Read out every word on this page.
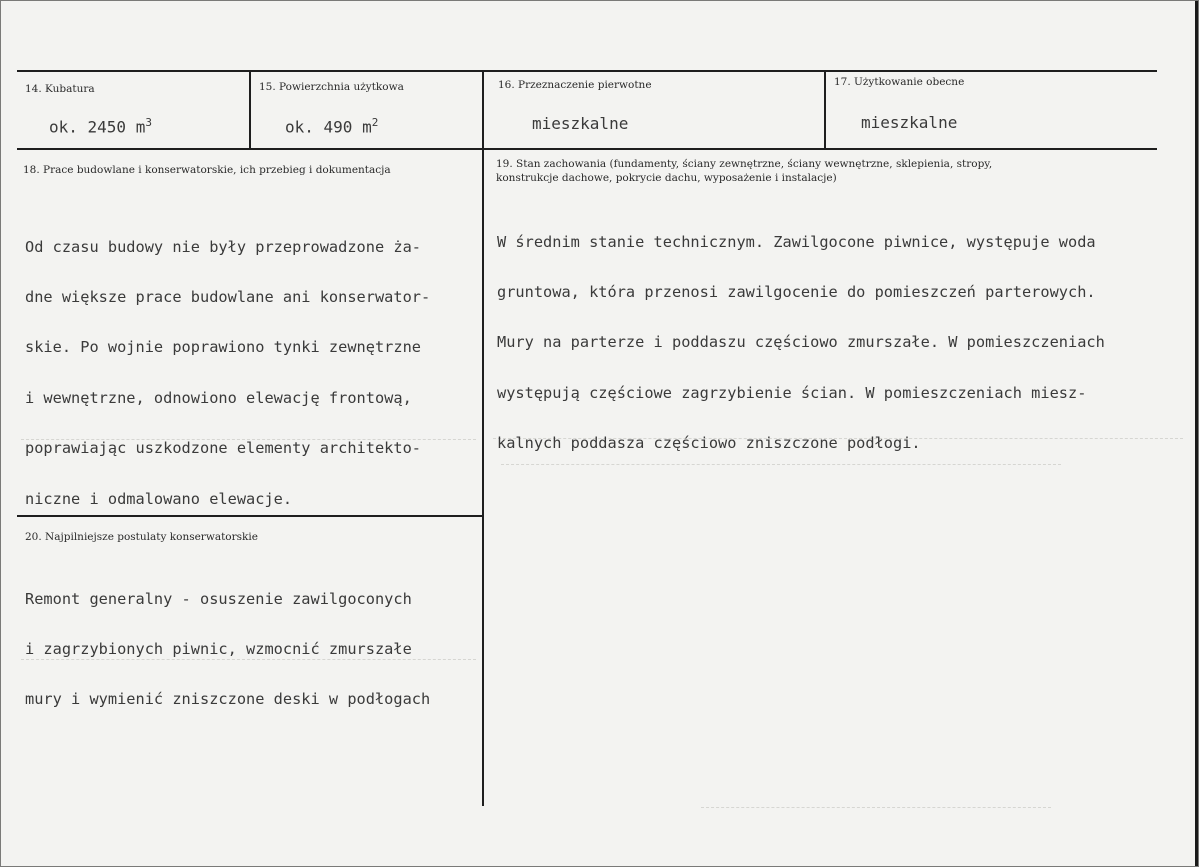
14. Kubatura
ok. 2450 $m^3$
15. Powierzchnia użytkowa
ok. 490 $m^2$
16. Przeznaczenie pierwotne
mieszkalne
17. Użytkowanie obecne
mieszkalne
18. Prace budowlane i konserwatorskie, ich przebieg i dokumentacja

Od czasu budowy nie były przeprowadzone ża-

dne większe prace budowlane ani konserwator-

skie. Po wojnie poprawiono tynki zewnętrzne

i wewnętrzne, odnowiono elewację frontową,

poprawiając uszkodzone elementy architekto-

niczne i odmalowano elewacje.

19. Stan zachowania (fundamenty, ściany zewnętrzne, ściany wewnętrzne, sklepienia, stropy,
konstrukcje dachowe, pokrycie dachu, wyposażenie i instalacje)

W średnim stanie technicznym. Zawilgocone piwnice, występuje woda

gruntowa, która przenosi zawilgocenie do pomieszczeń parterowych.

Mury na parterze i poddaszu częściowo zmurszałe. W pomieszczeniach

występują częściowe zagrzybienie ścian. W pomieszczeniach miesz-

kalnych poddasza częściowo zniszczone podłogi.

20. Najpilniejsze postulaty konserwatorskie

Remont generalny - osuszenie zawilgoconych

i zagrzybionych piwnic, wzmocnić zmurszałe

mury i wymienić zniszczone deski w podłogach
